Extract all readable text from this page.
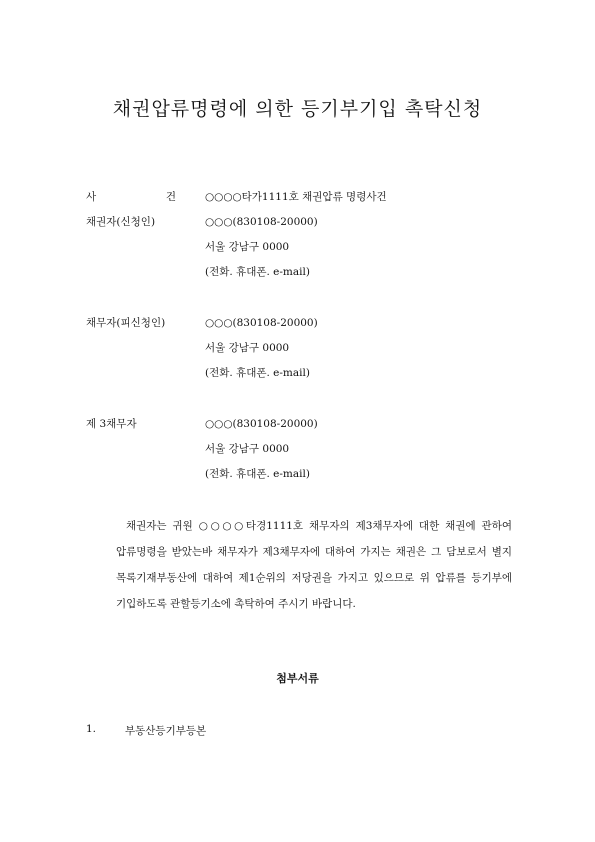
채권압류명령에 의한 등기부기입 촉탁신청
사	건	○○○○타가1111호 채권압류 명령사건
채권자(신청인)	○○○(830108-20000)
서울 강남구 0000
(전화. 휴대폰. e-mail)
채무자(피신청인)	○○○(830108-20000)
서울 강남구 0000
(전화. 휴대폰. e-mail)
제 3채무자	○○○(830108-20000)
서울 강남구 0000
(전화. 휴대폰. e-mail)

채권자는 귀원 ○○○○타경1111호 채무자의 제3채무자에 대한 채권에 관하여 압류명령을 받았는바 채무자가 제3채무자에 대하여 가지는 채권은 그 담보로서 별지 목록기재부동산에 대하여 제1순위의 저당권을 가지고 있으므로 위 압류를 등기부에 기입하도록 관할등기소에 촉탁하여 주시기 바랍니다.

첨부서류
1.	부동산등기부등본
